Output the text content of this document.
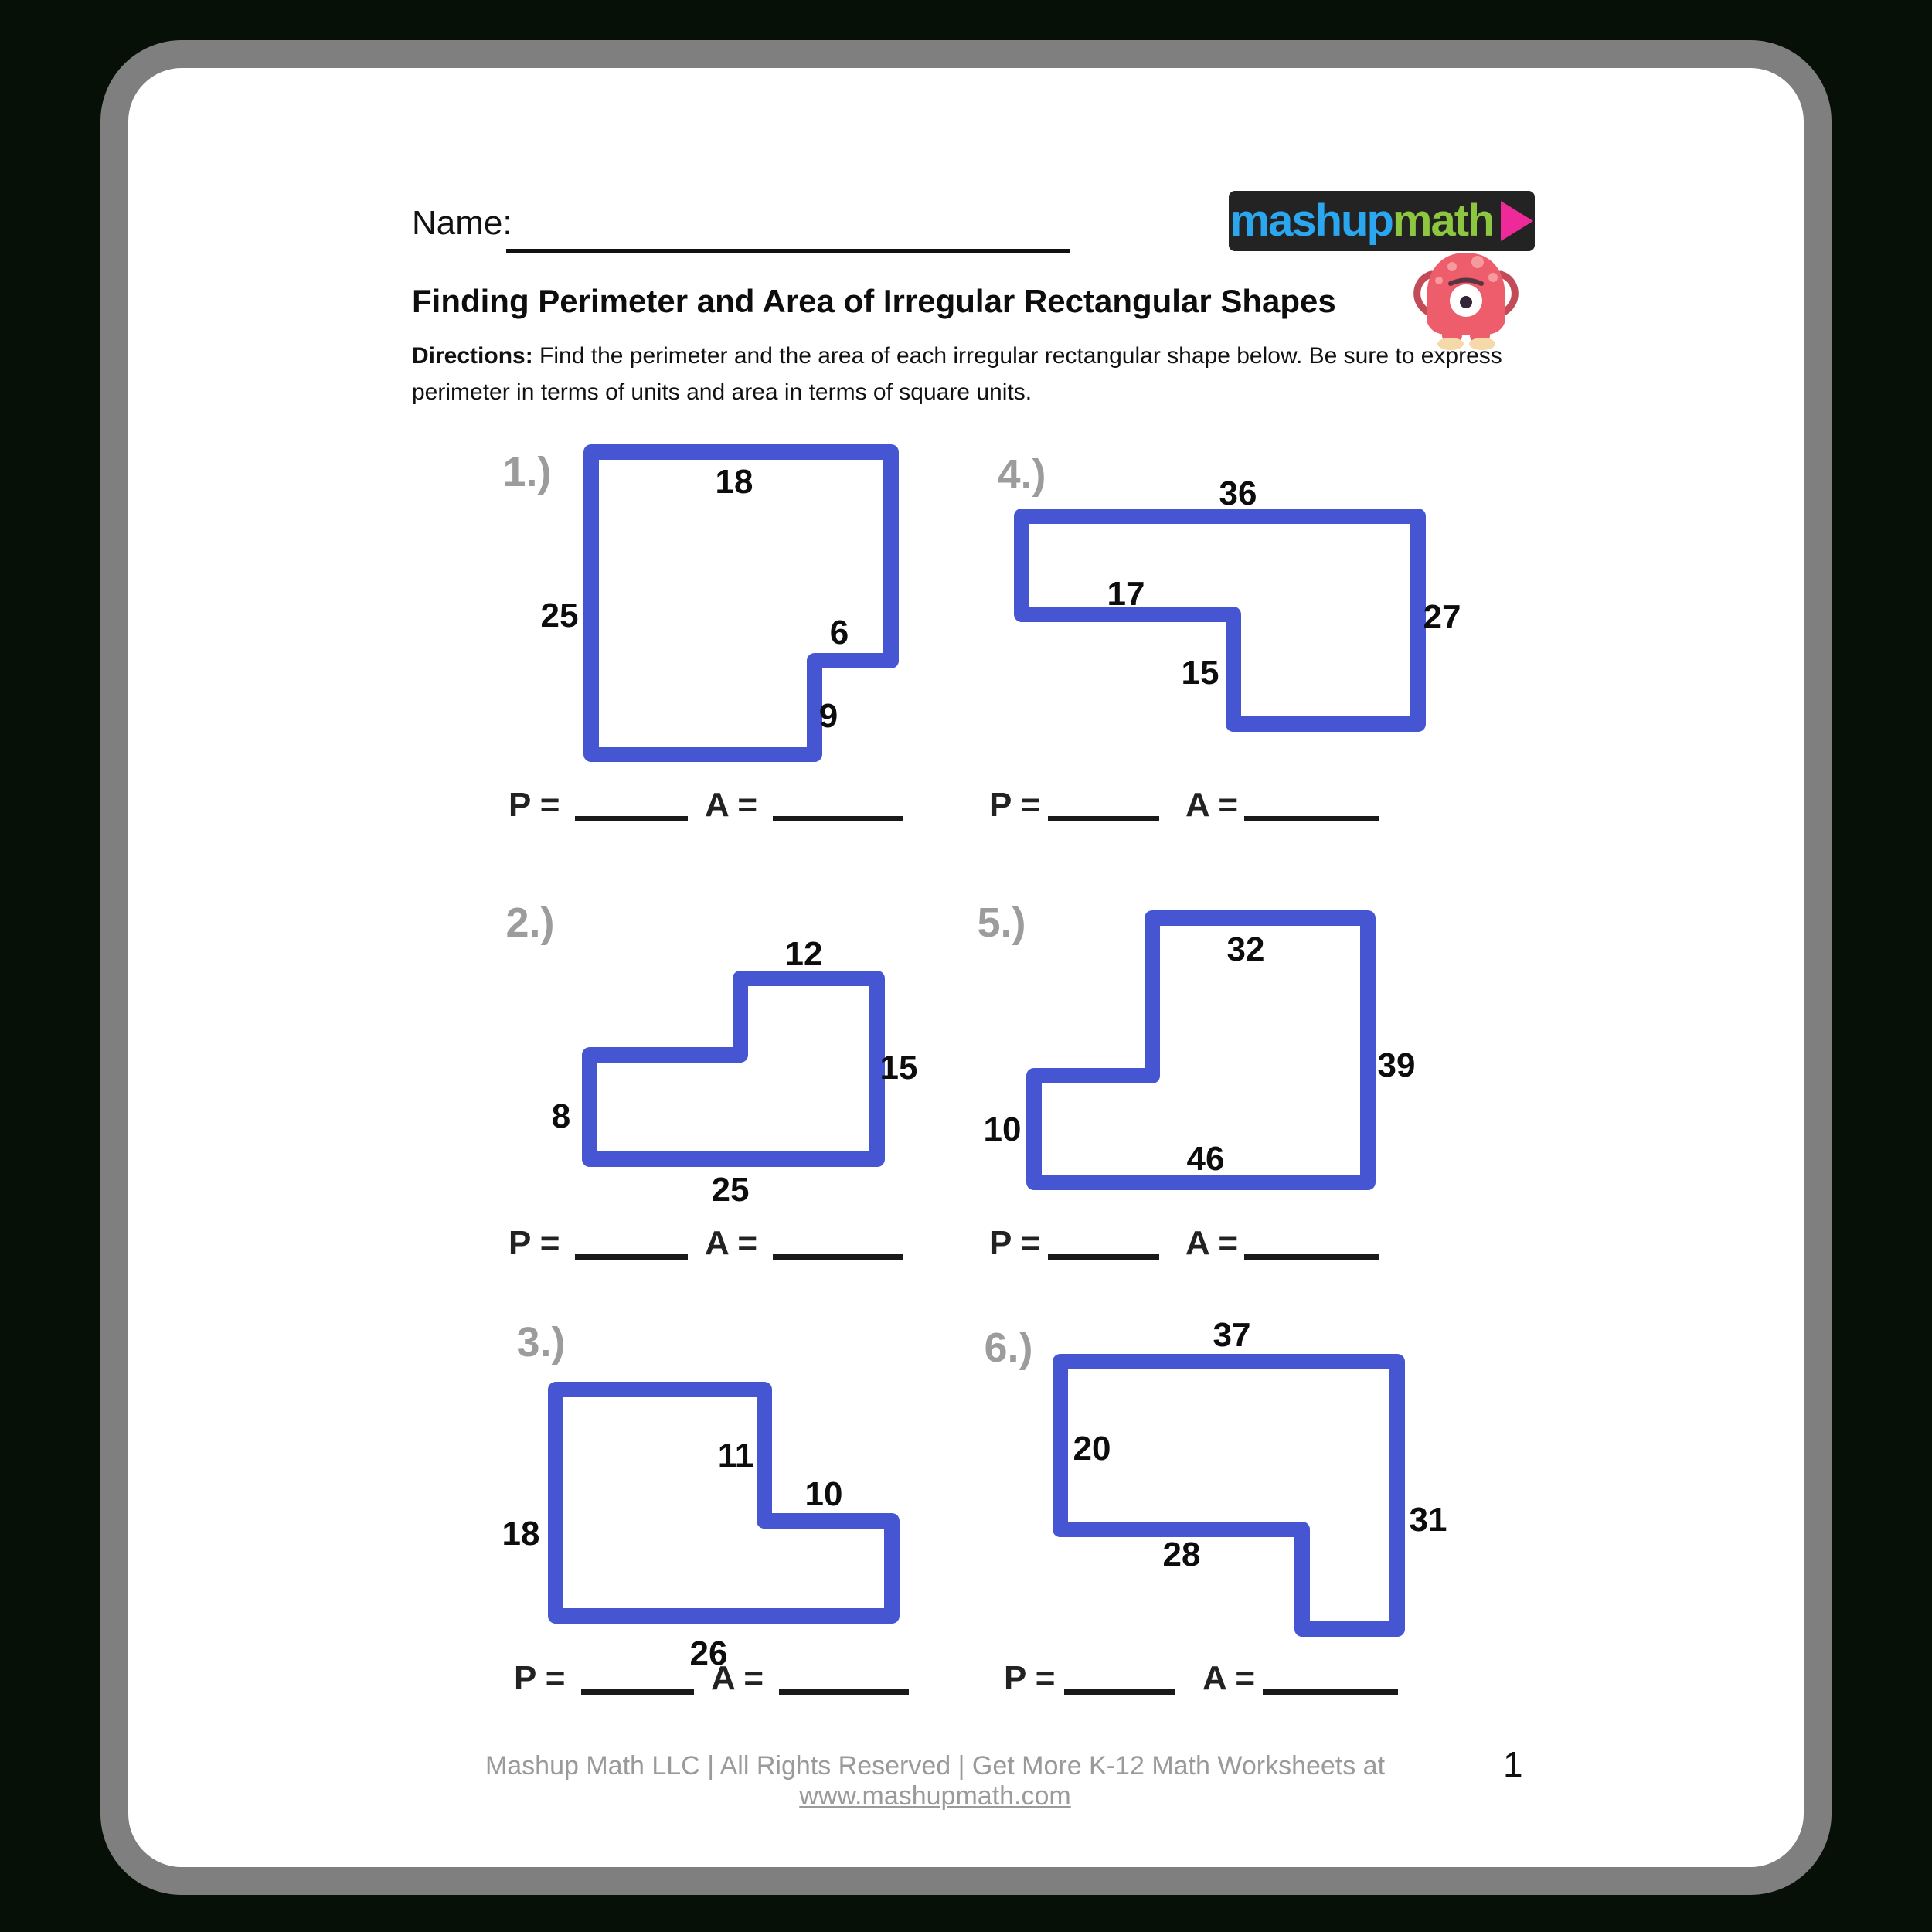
Name:	mashup math
Finding Perimeter and Area of Irregular Rectangular Shapes
Directions: Find the perimeter and the area of each irregular rectangular shape below. Be sure to express
perimeter in terms of units and area in terms of square units.
1.)	18
25	6
9
P =	A =
4.)	36
17
27
15
P =	A =
2.)
12
15
8
25
P =	A =
5.)
32
39
10
46
P =	A =
3.)
11
10
18
26
P =	A =
6.)	37
20
31
28
P =	A =
Mashup Math LLC | All Rights Reserved | Get More K-12 Math Worksheets at www.mashupmath.com
1
